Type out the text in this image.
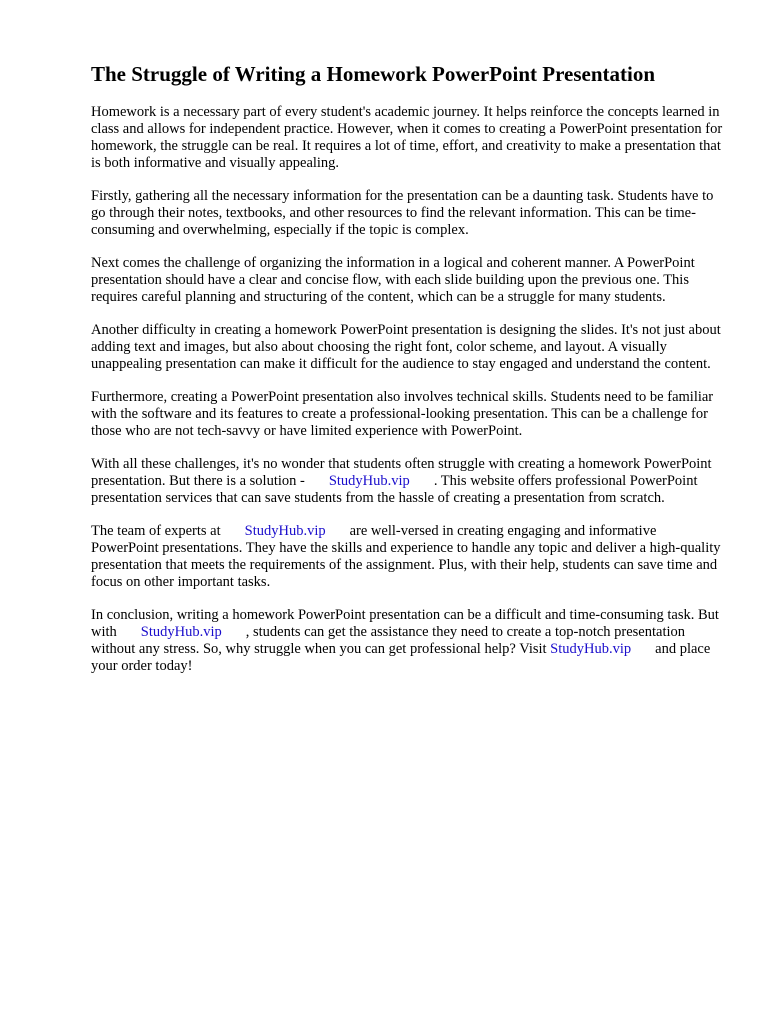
The Struggle of Writing a Homework PowerPoint Presentation

Homework is a necessary part of every student's academic journey. It helps reinforce the concepts learned in class and allows for independent practice. However, when it comes to creating a PowerPoint presentation for homework, the struggle can be real. It requires a lot of time, effort, and creativity to make a presentation that is both informative and visually appealing.

Firstly, gathering all the necessary information for the presentation can be a daunting task. Students have to go through their notes, textbooks, and other resources to find the relevant information. This can be time-consuming and overwhelming, especially if the topic is complex.

Next comes the challenge of organizing the information in a logical and coherent manner. A PowerPoint presentation should have a clear and concise flow, with each slide building upon the previous one. This requires careful planning and structuring of the content, which can be a struggle for many students.

Another difficulty in creating a homework PowerPoint presentation is designing the slides. It's not just about adding text and images, but also about choosing the right font, color scheme, and layout. A visually unappealing presentation can make it difficult for the audience to stay engaged and understand the content.

Furthermore, creating a PowerPoint presentation also involves technical skills. Students need to be familiar with the software and its features to create a professional-looking presentation. This can be a challenge for those who are not tech-savvy or have limited experience with PowerPoint.

With all these challenges, it's no wonder that students often struggle with creating a homework PowerPoint presentation. But there is a solution - StudyHub.vip . This website offers professional PowerPoint presentation services that can save students from the hassle of creating a presentation from scratch.

The team of experts at StudyHub.vip are well-versed in creating engaging and informative PowerPoint presentations. They have the skills and experience to handle any topic and deliver a high-quality presentation that meets the requirements of the assignment. Plus, with their help, students can save time and focus on other important tasks.

In conclusion, writing a homework PowerPoint presentation can be a difficult and time-consuming task. But with StudyHub.vip , students can get the assistance they need to create a top-notch presentation without any stress. So, why struggle when you can get professional help? Visit StudyHub.vip and place your order today!
